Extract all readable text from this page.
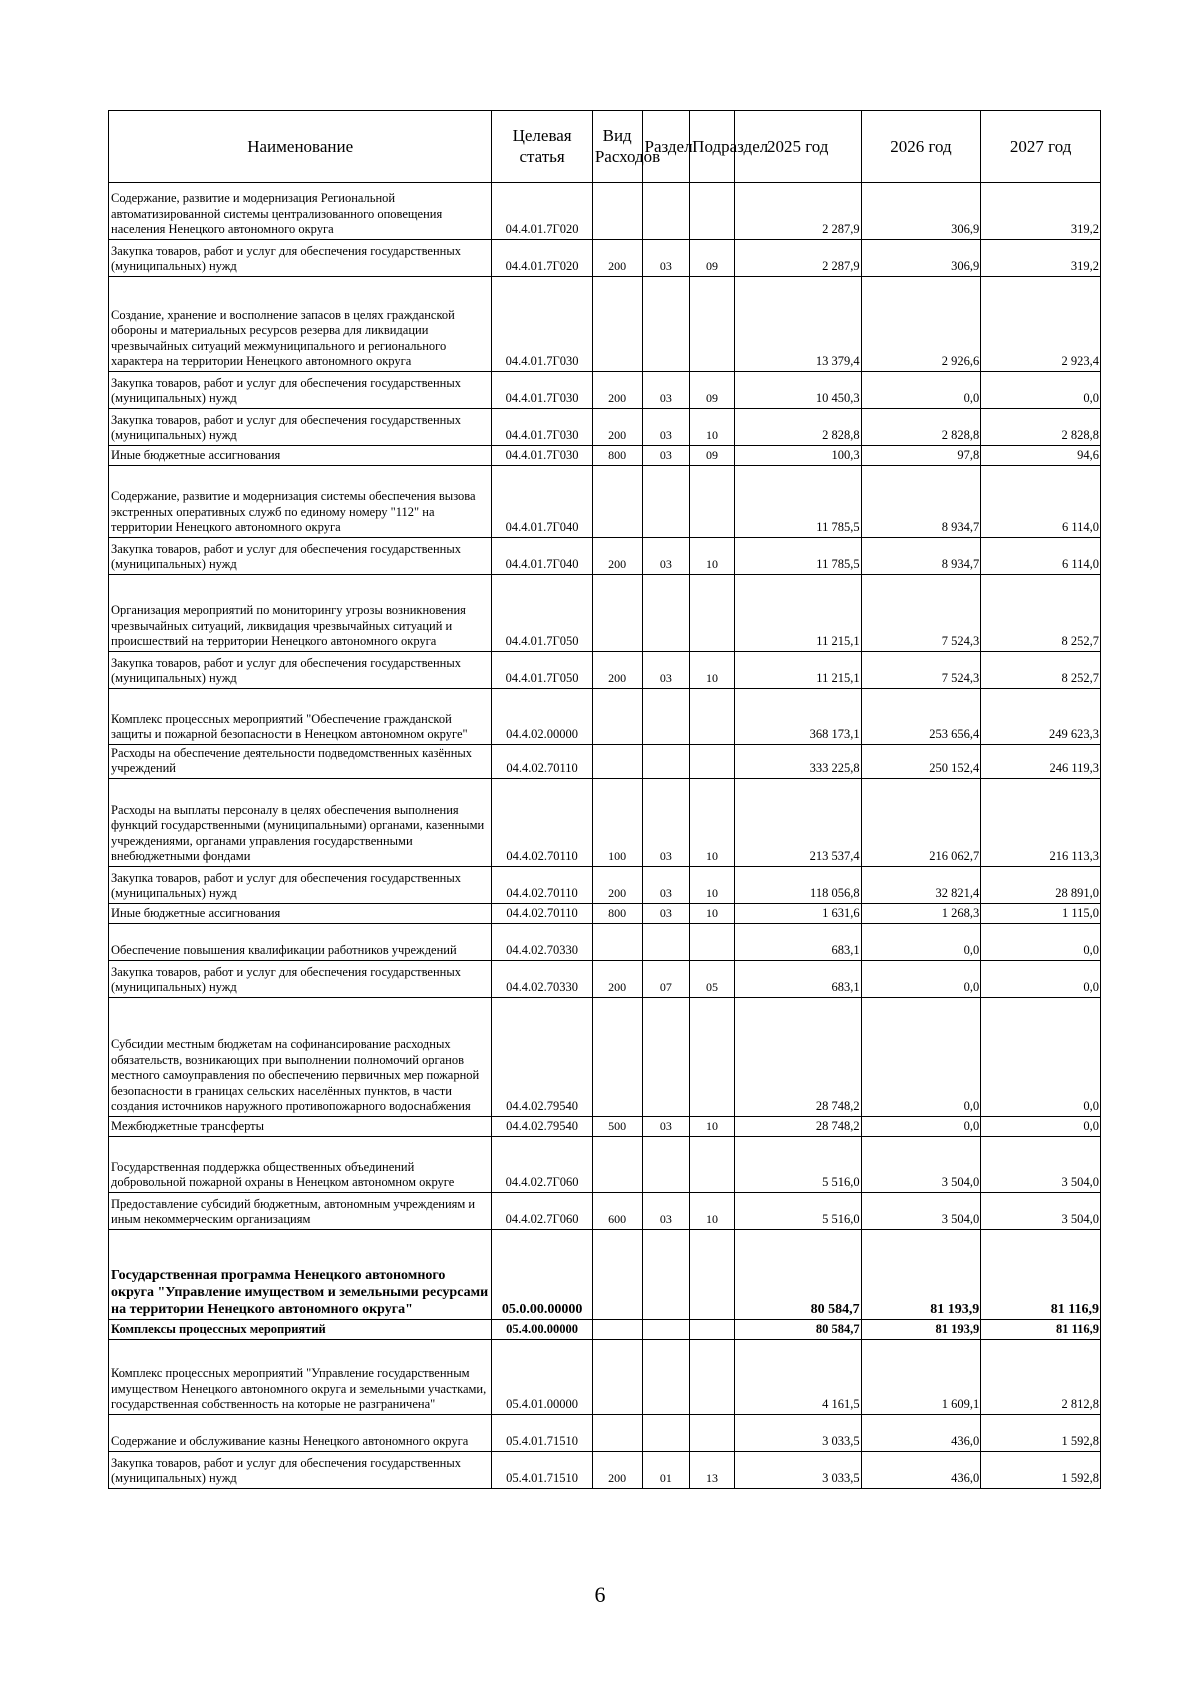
Наименование	Целевая статья	Вид Расходов	Раздел	Подраздел	2025 год	2026 год	2027 год
Содержание, развитие и модернизация Региональной автоматизированной системы централизованного оповещения населения Ненецкого автономного округа	04.4.01.7Г020				2 287,9	306,9	319,2
Закупка товаров, работ и услуг для обеспечения государственных (муниципальных) нужд	04.4.01.7Г020	200	03	09	2 287,9	306,9	319,2
Создание, хранение и восполнение запасов в целях гражданской обороны и материальных ресурсов резерва для ликвидации чрезвычайных ситуаций межмуниципального и регионального характера на территории Ненецкого автономного округа	04.4.01.7Г030				13 379,4	2 926,6	2 923,4
Закупка товаров, работ и услуг для обеспечения государственных (муниципальных) нужд	04.4.01.7Г030	200	03	09	10 450,3	0,0	0,0
Закупка товаров, работ и услуг для обеспечения государственных (муниципальных) нужд	04.4.01.7Г030	200	03	10	2 828,8	2 828,8	2 828,8
Иные бюджетные ассигнования	04.4.01.7Г030	800	03	09	100,3	97,8	94,6
Содержание, развитие и модернизация системы обеспечения вызова экстренных оперативных служб по единому номеру "112" на территории Ненецкого автономного округа	04.4.01.7Г040				11 785,5	8 934,7	6 114,0
Закупка товаров, работ и услуг для обеспечения государственных (муниципальных) нужд	04.4.01.7Г040	200	03	10	11 785,5	8 934,7	6 114,0
Организация мероприятий по мониторингу угрозы возникновения чрезвычайных ситуаций, ликвидация чрезвычайных ситуаций и происшествий на территории Ненецкого автономного округа	04.4.01.7Г050				11 215,1	7 524,3	8 252,7
Закупка товаров, работ и услуг для обеспечения государственных (муниципальных) нужд	04.4.01.7Г050	200	03	10	11 215,1	7 524,3	8 252,7
Комплекс процессных мероприятий "Обеспечение гражданской защиты и пожарной безопасности в Ненецком автономном округе"	04.4.02.00000				368 173,1	253 656,4	249 623,3
Расходы на обеспечение деятельности подведомственных казённых учреждений	04.4.02.70110				333 225,8	250 152,4	246 119,3
Расходы на выплаты персоналу в целях обеспечения выполнения функций государственными (муниципальными) органами, казенными учреждениями, органами управления государственными внебюджетными фондами	04.4.02.70110	100	03	10	213 537,4	216 062,7	216 113,3
Закупка товаров, работ и услуг для обеспечения государственных (муниципальных) нужд	04.4.02.70110	200	03	10	118 056,8	32 821,4	28 891,0
Иные бюджетные ассигнования	04.4.02.70110	800	03	10	1 631,6	1 268,3	1 115,0
Обеспечение повышения квалификации работников учреждений	04.4.02.70330				683,1	0,0	0,0
Закупка товаров, работ и услуг для обеспечения государственных (муниципальных) нужд	04.4.02.70330	200	07	05	683,1	0,0	0,0
Субсидии местным бюджетам на софинансирование расходных обязательств, возникающих при выполнении полномочий органов местного самоуправления по обеспечению первичных мер пожарной безопасности в границах сельских населённых пунктов, в части создания источников наружного противопожарного водоснабжения	04.4.02.79540				28 748,2	0,0	0,0
Межбюджетные трансферты	04.4.02.79540	500	03	10	28 748,2	0,0	0,0
Государственная поддержка общественных объединений добровольной пожарной охраны в Ненецком автономном округе	04.4.02.7Г060				5 516,0	3 504,0	3 504,0
Предоставление субсидий бюджетным, автономным учреждениям и иным некоммерческим организациям	04.4.02.7Г060	600	03	10	5 516,0	3 504,0	3 504,0
Государственная программа Ненецкого автономного округа "Управление имуществом и земельными ресурсами на территории Ненецкого автономного округа"	05.0.00.00000				80 584,7	81 193,9	81 116,9
Комплексы процессных мероприятий	05.4.00.00000				80 584,7	81 193,9	81 116,9
Комплекс процессных мероприятий "Управление государственным имуществом Ненецкого автономного округа и земельными участками, государственная собственность на которые не разграничена"	05.4.01.00000				4 161,5	1 609,1	2 812,8
Содержание и обслуживание казны Ненецкого автономного округа	05.4.01.71510				3 033,5	436,0	1 592,8
Закупка товаров, работ и услуг для обеспечения государственных (муниципальных) нужд	05.4.01.71510	200	01	13	3 033,5	436,0	1 592,8
6
